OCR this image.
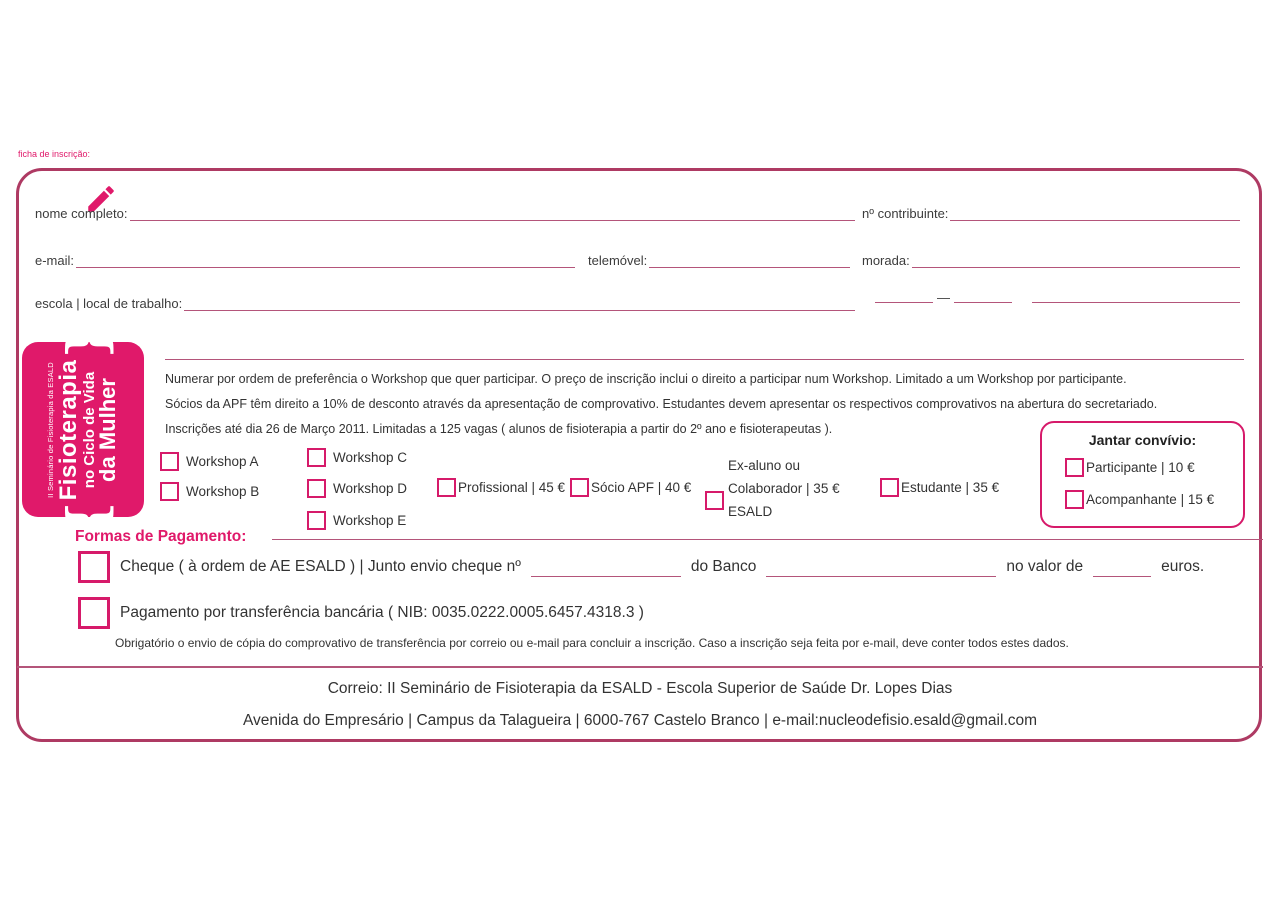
ficha de inscrição:
nome completo:	nº contribuinte:
e-mail:	telemóvel:	morada:
escola | local de trabalho:	—
II Seminário de Fisioterapia da ESALD
{
Fisioterapia
no Ciclo de Vida
da Mulher
}
Numerar por ordem de preferência o Workshop que quer participar. O preço de inscrição inclui o direito a participar num Workshop. Limitado a um Workshop por participante.
Sócios da APF têm direito a 10% de desconto através da apresentação de comprovativo. Estudantes devem apresentar os respectivos comprovativos na abertura do secretariado.
Inscrições até dia 26 de Março 2011. Limitadas a 125 vagas ( alunos de fisioterapia a partir do 2º ano e fisioterapeutas ).
Workshop A
Workshop B
Workshop C
Workshop D
Workshop E
Profissional | 45 € Sócio APF | 40 €
Ex-aluno ou
Colaborador | 35 €
ESALD
Estudante | 35 €
Jantar convívio:
Participante | 10 €
Acompanhante | 15 €
Formas de Pagamento:
Cheque ( à ordem de AE ESALD ) | Junto envio cheque nº	do Banco	no valor de	euros.
Pagamento por transferência bancária ( NIB: 0035.0222.0005.6457.4318.3 )
Obrigatório o envio de cópia do comprovativo de transferência por correio ou e-mail para concluir a inscrição. Caso a inscrição seja feita por e-mail, deve conter todos estes dados.
Correio: II Seminário de Fisioterapia da ESALD - Escola Superior de Saúde Dr. Lopes Dias
Avenida do Empresário | Campus da Talagueira | 6000-767 Castelo Branco | e-mail:nucleodefisio.esald@gmail.com
